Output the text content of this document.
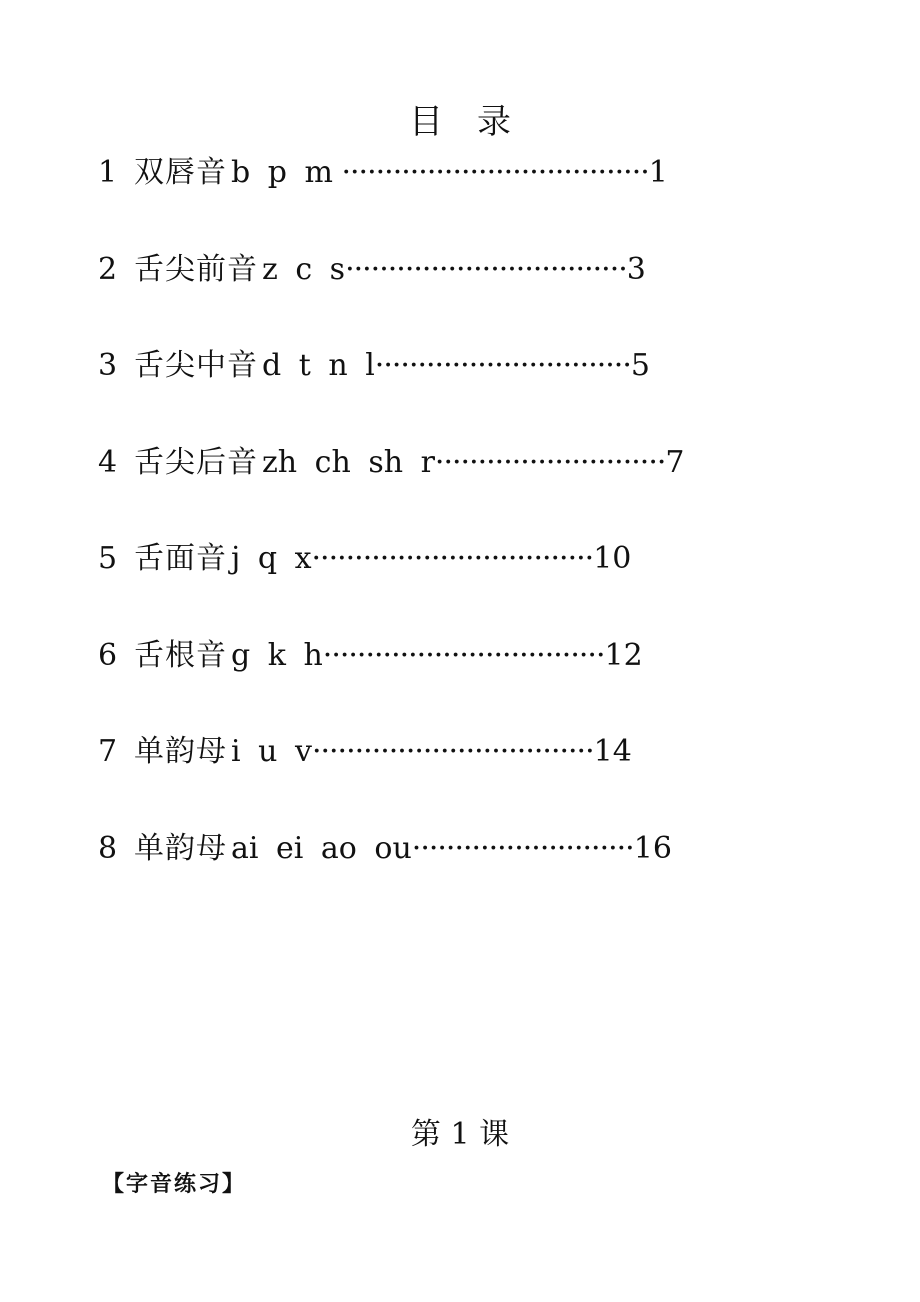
目 录
1 双唇音 b p m ····································1
2 舌尖前音 z c s·································3
3 舌尖中音 d t n l······························5
4 舌尖后音 zh ch sh r···························7
5 舌面音 j q x·································10
6 舌根音 g k h·································12
7 单韵母 i u v·································14
8 单韵母 ai ei ao ou··························16
第 1 课
【字音练习】
